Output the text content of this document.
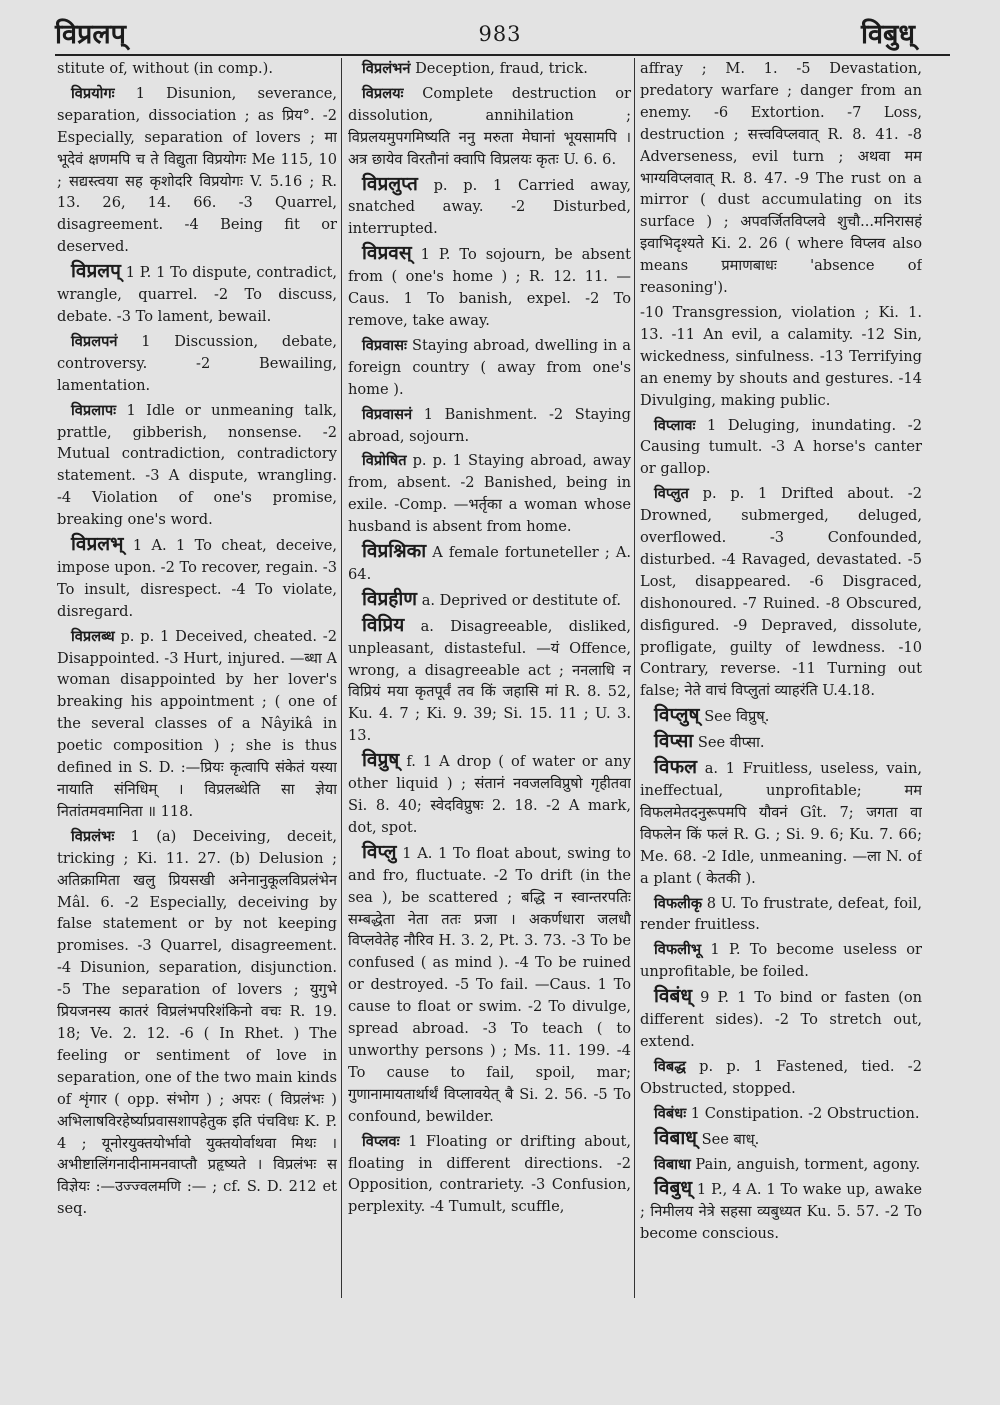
विप्रलप्	983	विबुध्

stitute of, without (in comp.).

विप्रयोगः 1 Disunion, severance, separation, dissociation ; as प्रिय°. -2 Especially, separation of lovers ; मा भूदेवं क्षणमपि च ते विद्युता विप्रयोगः Me 115, 10 ; सद्यस्त्वया सह कृशोदरि विप्रयोगः V. 5.16 ; R. 13. 26, 14. 66. -3 Quarrel, disagreement. -4 Being fit or deserved.

विप्रलप् 1 P. 1 To dispute, contradict, wrangle, quarrel. -2 To discuss, debate. -3 To lament, bewail.

विप्रलपनं 1 Discussion, debate, controversy. -2 Bewailing, lamentation.

विप्रलापः 1 Idle or unmeaning talk, prattle, gibberish, nonsense. -2 Mutual contradiction, contradictory statement. -3 A dispute, wrangling. -4 Violation of one's promise, breaking one's word.

विप्रलभ् 1 A. 1 To cheat, deceive, impose upon. -2 To recover, regain. -3 To insult, disrespect. -4 To violate, disregard.

विप्रलब्ध p. p. 1 Deceived, cheated. -2 Disappointed. -3 Hurt, injured. —ब्धा A woman disappointed by her lover's breaking his appointment ; ( one of the several classes of a Nâyikâ in poetic composition ) ; she is thus defined in S. D. :—प्रियः कृत्वापि संकेतं यस्या नायाति संनिधिम् । विप्रलब्धेति सा ज्ञेया नितांतमवमानिता ॥ 118.

विप्रलंभः 1 (a) Deceiving, deceit, tricking ; Ki. 11. 27. (b) Delusion ; अतिक्रामिता खलु प्रियसखी अनेनानुकूलविप्रलंभेन Mâl. 6. -2 Especially, deceiving by false statement or by not keeping promises. -3 Quarrel, disagreement. -4 Disunion, separation, disjunction. -5 The separation of lovers ; युगुभे प्रियजनस्य कातरं विप्रलंभपरिशंकिनो वचः R. 19. 18; Ve. 2. 12. -6 ( In Rhet. ) The feeling or sentiment of love in separation, one of the two main kinds of शृंगार ( opp. संभोग ) ; अपरः ( विप्रलंभः ) अभिलाषविरहेर्ष्याप्रवासशापहेतुक इति पंचविधः K. P. 4 ; यूनोरयुक्तयोर्भावो युक्तयोर्वाथवा मिथः । अभीष्टालिंगनादीनामनवाप्तौ प्रहृष्यते । विप्रलंभः स विज्ञेयः :—उज्ज्वलमणि :— ; cf. S. D. 212 et seq.

विप्रलंभनं Deception, fraud, trick.

विप्रलयः Complete destruction or dissolution, annihilation ; विप्रलयमुपगमिष्यति ननु मरुता मेघानां भूयसामपि । अत्र छायेव विरतौनां क्वापि विप्रलयः कृतः U. 6. 6.

विप्रलुप्त p. p. 1 Carried away, snatched away. -2 Disturbed, interrupted.

विप्रवस् 1 P. To sojourn, be absent from ( one's home ) ; R. 12. 11. —Caus. 1 To banish, expel. -2 To remove, take away.

विप्रवासः Staying abroad, dwelling in a foreign country ( away from one's home ).

विप्रवासनं 1 Banishment. -2 Staying abroad, sojourn.

विप्रोषित p. p. 1 Staying abroad, away from, absent. -2 Banished, being in exile. -Comp. —भर्तृका a woman whose husband is absent from home.

विप्रश्निका A female fortuneteller ; A. 64.

विप्रहीण a. Deprived or destitute of.

विप्रिय a. Disagreeable, disliked, unpleasant, distasteful. —यं Offence, wrong, a disagreeable act ; ननलाधि न विप्रियं मया कृतपूर्वं तव किं जहासि मां R. 8. 52, Ku. 4. 7 ; Ki. 9. 39; Si. 15. 11 ; U. 3. 13.

विप्रुष् f. 1 A drop ( of water or any other liquid ) ; संतानं नवजलविप्रुषो गृहीतवा Si. 8. 40; स्वेदविप्रुषः 2. 18. -2 A mark, dot, spot.

विप्लु 1 A. 1 To float about, swing to and fro, fluctuate. -2 To drift (in the sea ), be scattered ; बद्धि न स्वान्तरपतिः सम्बद्धेता नेता ततः प्रजा । अकर्णधारा जलधौ विप्लवेतेह नौरिव H. 3. 2, Pt. 3. 73. -3 To be confused ( as mind ). -4 To be ruined or destroyed. -5 To fail. —Caus. 1 To cause to float or swim. -2 To divulge, spread abroad. -3 To teach ( to unworthy persons ) ; Ms. 11. 199. -4 To cause to fail, spoil, mar; गुणानामायतार्थार्थं विप्लावयेत् बै Si. 2. 56. -5 To confound, bewilder.

विप्लवः 1 Floating or drifting about, floating in different directions. -2 Opposition, contrariety. -3 Confusion, perplexity. -4 Tumult, scuffle,

affray ; M. 1. -5 Devastation, predatory warfare ; danger from an enemy. -6 Extortion. -7 Loss, destruction ; सत्त्वविप्लवात् R. 8. 41. -8 Adverseness, evil turn ; अथवा मम भाग्यविप्लवात् R. 8. 47. -9 The rust on a mirror ( dust accumulating on its surface ) ; अपवर्जितविप्लवे शुचौ...मनिरासहं इवाभिदृश्यते Ki. 2. 26 ( where विप्लव also means प्रमाणबाधः 'absence of reasoning').

-10 Transgression, violation ; Ki. 1. 13. -11 An evil, a calamity. -12 Sin, wickedness, sinfulness. -13 Terrifying an enemy by shouts and gestures. -14 Divulging, making public.

विप्लावः 1 Deluging, inundating. -2 Causing tumult. -3 A horse's canter or gallop.

विप्लुत p. p. 1 Drifted about. -2 Drowned, submerged, deluged, overflowed. -3 Confounded, disturbed. -4 Ravaged, devastated. -5 Lost, disappeared. -6 Disgraced, dishonoured. -7 Ruined. -8 Obscured, disfigured. -9 Depraved, dissolute, profligate, guilty of lewdness. -10 Contrary, reverse. -11 Turning out false; नेते वाचं विप्लुतां व्याहरंति U.4.18.

विप्लुष् See विप्रुष्.

विप्सा See वीप्सा.

विफल a. 1 Fruitless, useless, vain, ineffectual, unprofitable; मम विफलमेतदनुरूपमपि यौवनं Gît. 7; जगता वा विफलेन किं फलं R. G. ; Si. 9. 6; Ku. 7. 66; Me. 68. -2 Idle, unmeaning. —ला N. of a plant ( केतकी ).

विफलीकृ 8 U. To frustrate, defeat, foil, render fruitless.

विफलीभू 1 P. To become useless or unprofitable, be foiled.

विबंध् 9 P. 1 To bind or fasten (on different sides). -2 To stretch out, extend.

विबद्ध p. p. 1 Fastened, tied. -2 Obstructed, stopped.

विबंधः 1 Constipation. -2 Obstruction.

विबाध् See बाध्.

विबाधा Pain, anguish, torment, agony.

विबुध् 1 P., 4 A. 1 To wake up, awake ; निमीलय नेत्रे सहसा व्यबुध्यत Ku. 5. 57. -2 To become conscious.
